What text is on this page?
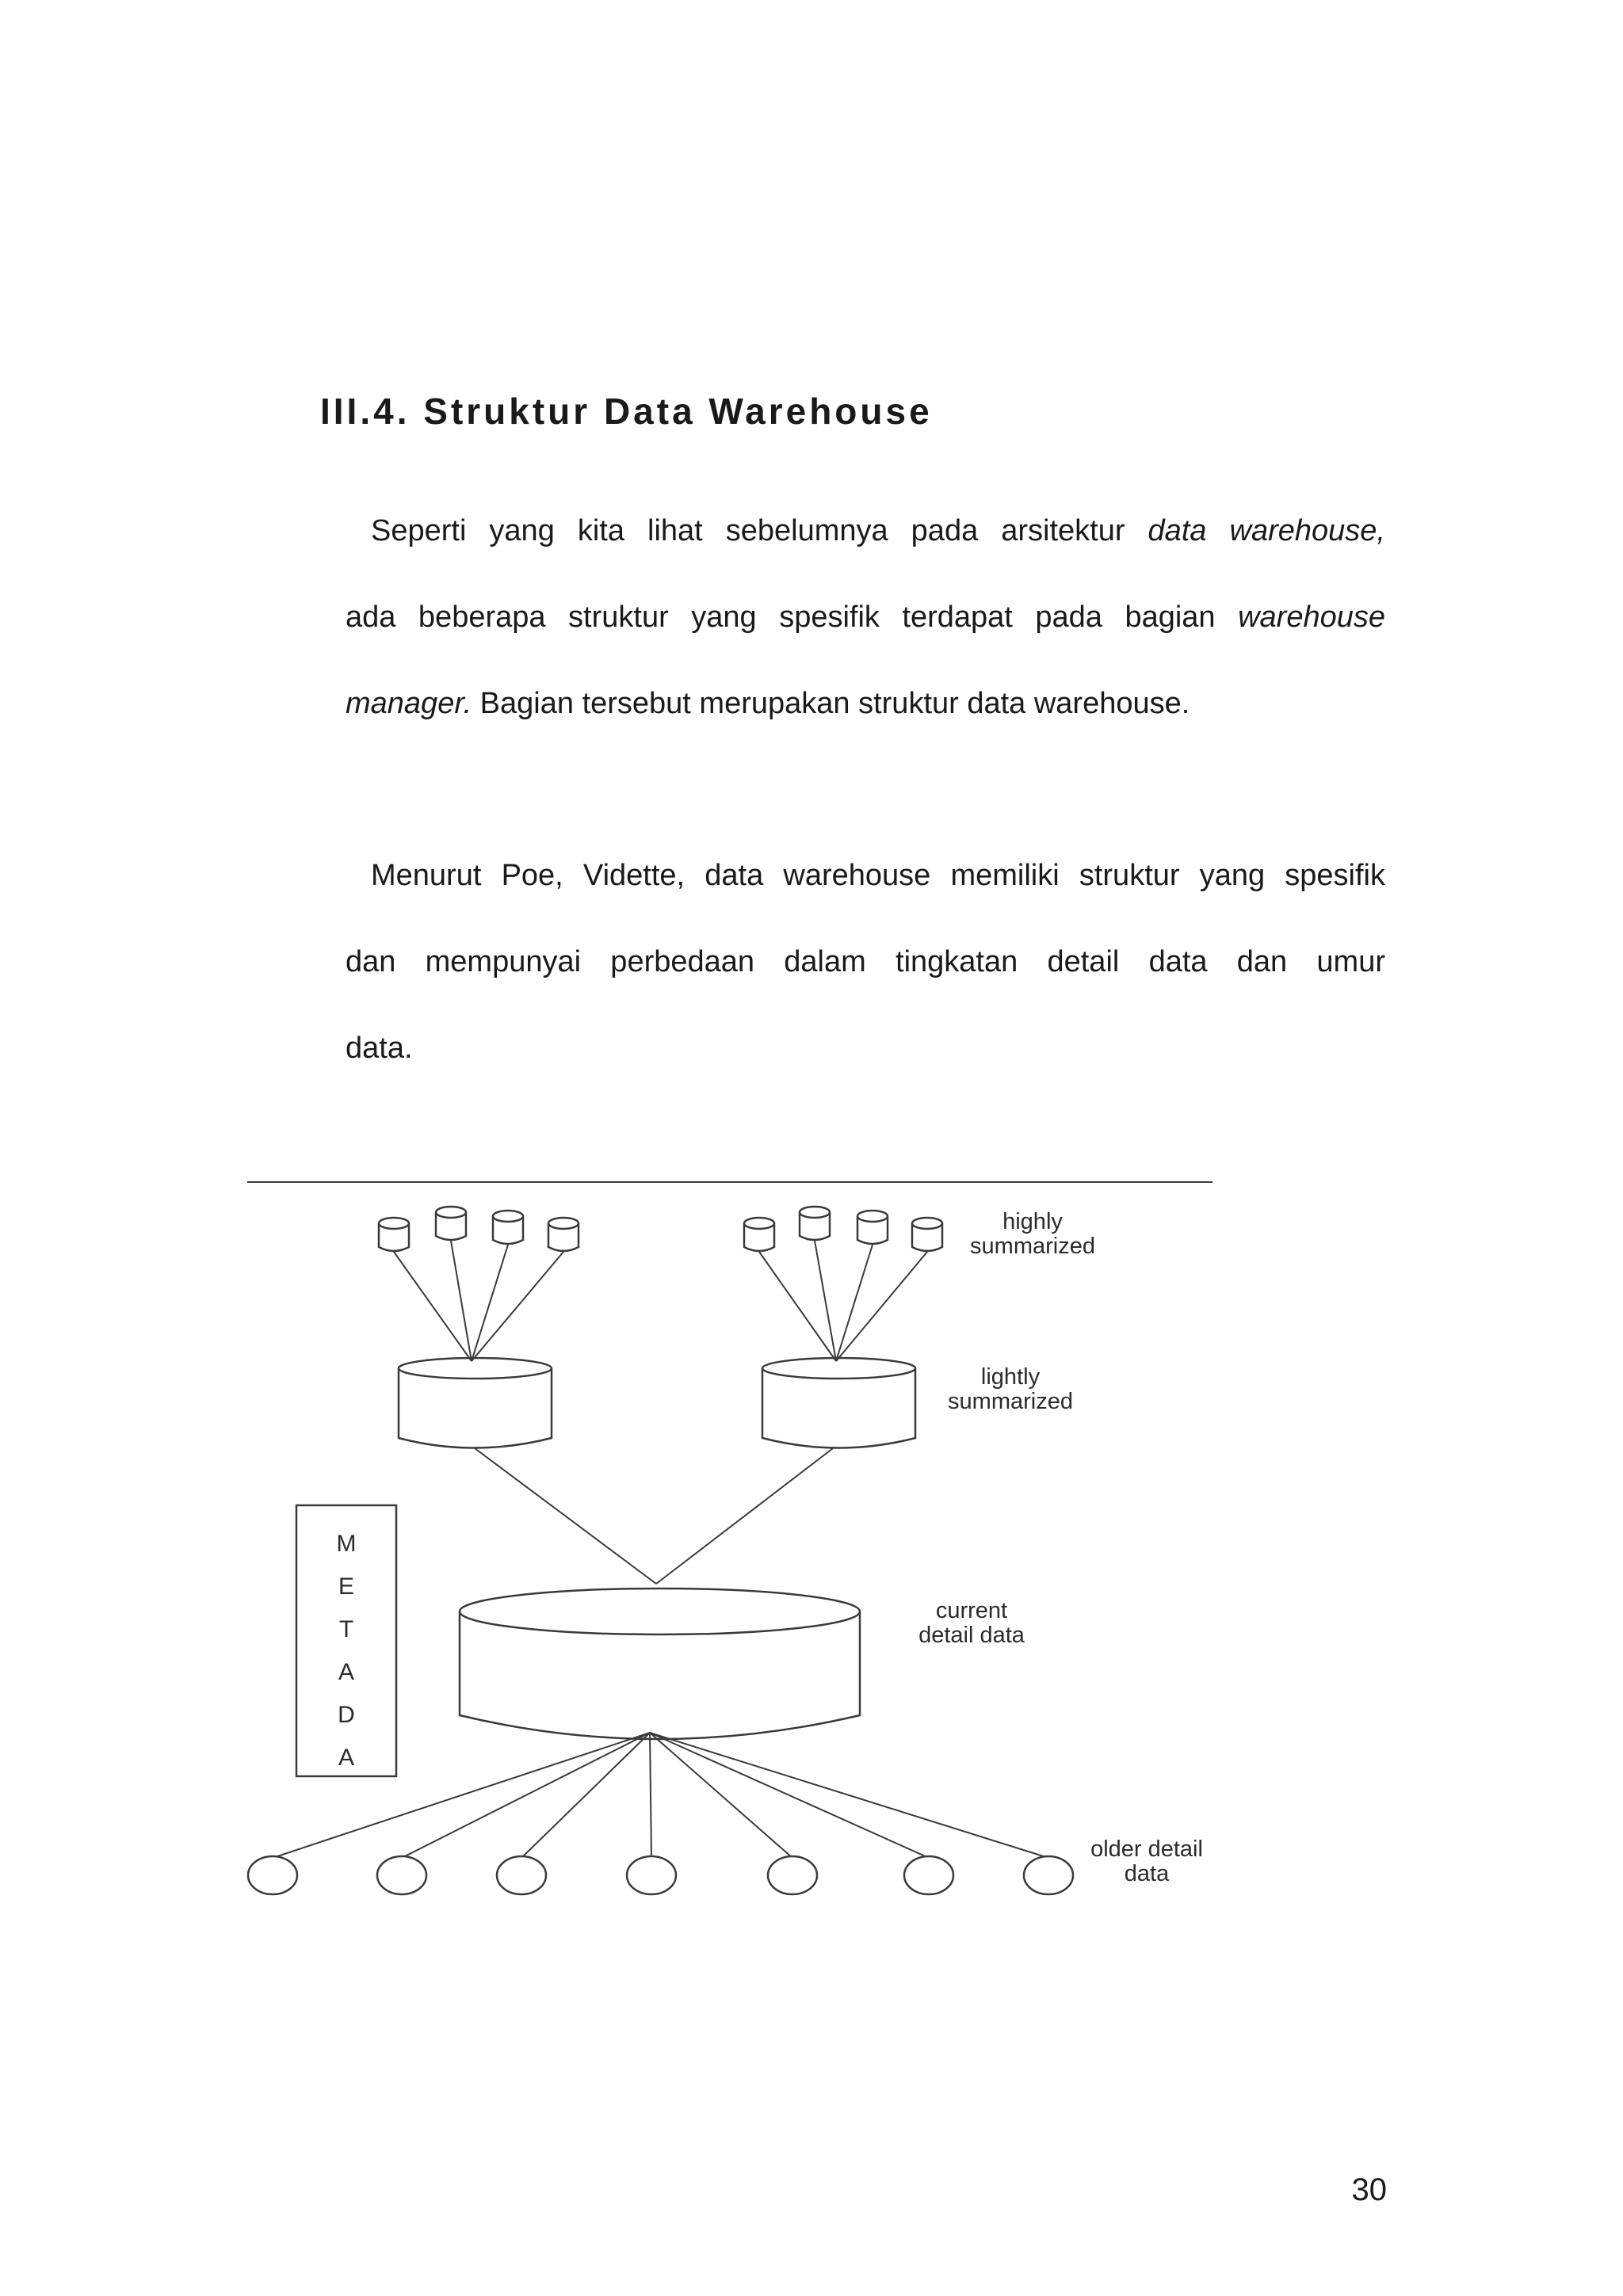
III.4. Struktur Data Warehouse
Seperti yang kita lihat sebelumnya pada arsitektur data warehouse,
ada beberapa struktur yang spesifik terdapat pada bagian warehouse
manager. Bagian tersebut merupakan struktur data warehouse.
Menurut Poe, Vidette, data warehouse memiliki struktur yang spesifik
dan mempunyai perbedaan dalam tingkatan detail data dan umur
data.
M
E
T
A
D
A
highly
summarized
lightly
summarized
current
detail data
older detail
data
30
